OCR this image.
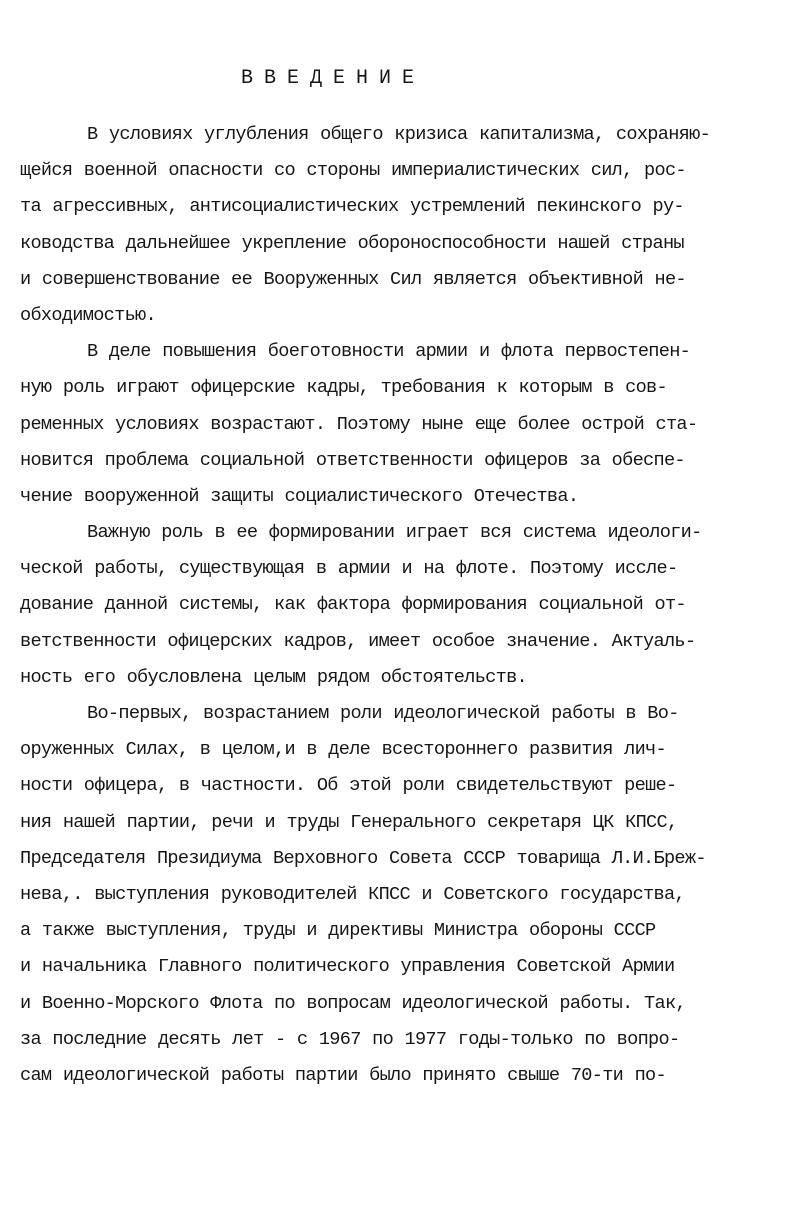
ВВЕДЕНИЕ
В условиях углубления общего кризиса капитализма, сохраняю-
щейся военной опасности со стороны империалистических сил, рос-
та агрессивных, антисоциалистических устремлений пекинского ру-
ководства дальнейшее укрепление обороноспособности нашей страны
и совершенствование ее Вооруженных Сил является объективной не-
обходимостью.
В деле повышения боеготовности армии и флота первостепен-
ную роль играют офицерские кадры, требования к которым в сов-
ременных условиях возрастают. Поэтому ныне еще более острой ста-
новится проблема социальной ответственности офицеров за обеспе-
чение вооруженной защиты социалистического Отечества.
Важную роль в ее формировании играет вся система идеологи-
ческой работы, существующая в армии и на флоте. Поэтому иссле-
дование данной системы, как фактора формирования социальной от-
ветственности офицерских кадров, имеет особое значение. Актуаль-
ность его обусловлена целым рядом обстоятельств.
Во-первых, возрастанием роли идеологической работы в Во-
оруженных Силах, в целом,и в деле всестороннего развития лич-
ности офицера, в частности. Об этой роли свидетельствуют реше-
ния нашей партии, речи и труды Генерального секретаря ЦК КПСС,
Председателя Президиума Верховного Совета СССР товарища Л.И.Бреж-
нева,. выступления руководителей КПСС и Советского государства,
а также выступления, труды и директивы Министра обороны СССР
и начальника Главного политического управления Советской Армии
и Военно-Морского Флота по вопросам идеологической работы. Так,
за последние десять лет - с 1967 по 1977 годы-только по вопро-
сам идеологической работы партии было принято свыше 70-ти по-
